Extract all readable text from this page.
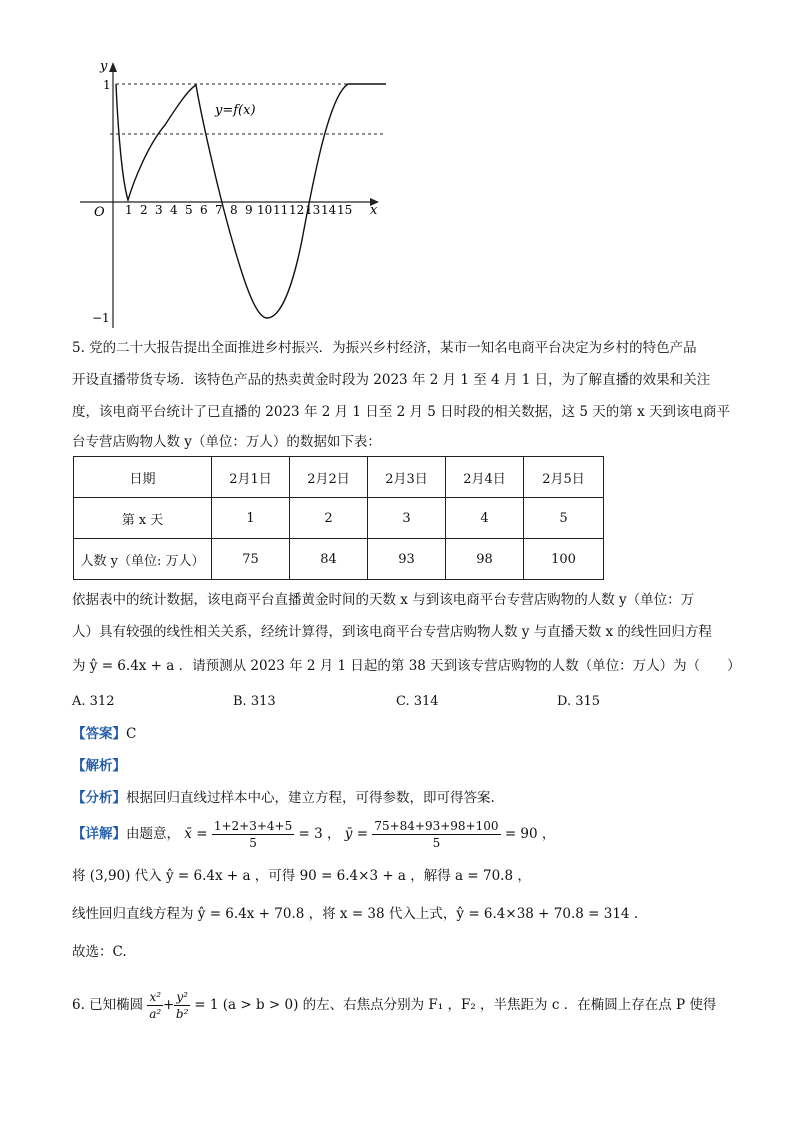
y
x
O
1
−1
y=f(x)
1 2 3 4 5 6 7 8 9 10 11 12 13 14 15
5. 党的二十大报告提出全面推进乡村振兴．为振兴乡村经济，某市一知名电商平台决定为乡村的特色产品
开设直播带货专场．该特色产品的热卖黄金时段为 2023 年 2 月 1 至 4 月 1 日，为了解直播的效果和关注
度，该电商平台统计了已直播的 2023 年 2 月 1 日至 2 月 5 日时段的相关数据，这 5 天的第 x 天到该电商平
台专营店购物人数 y（单位：万人）的数据如下表：
日期	2月1日	2月2日	2月3日	2月4日	2月5日
第 x 天	1	2	3	4	5
人数 y（单位: 万人）	75	84	93	98	100
依据表中的统计数据，该电商平台直播黄金时间的天数 x 与到该电商平台专营店购物的人数 y（单位：万
人）具有较强的线性相关关系，经统计算得，到该电商平台专营店购物人数 y 与直播天数 x 的线性回归方程
为 ŷ = 6.4x + a ．请预测从 2023 年 2 月 1 日起的第 38 天到该专营店购物的人数（单位：万人）为（　　）
A. 312	B. 313	C. 314	D. 315
【答案】C
【解析】
【分析】根据回归直线过样本中心，建立方程，可得参数，即可得答案.
【详解】由题意， x̄ = $\frac{1+2+3+4+5}{5} = 3$ ， ȳ = $\frac{75+84+93+98+100}{5} = 90$ ，
将 (3,90) 代入 ŷ = 6.4x + a ，可得 90 = 6.4×3 + a ，解得 a = 70.8 ，
线性回归直线方程为 ŷ = 6.4x + 70.8 ，将 x = 38 代入上式，ŷ = 6.4×38 + 70.8 = 314 .
故选：C.
6. 已知椭圆 $\frac{\text{x²}}{\text{a²}} + \frac{\text{y²}}{\text{b²}} = 1$ (a > b > 0) 的左、右焦点分别为 F₁ ，F₂ ，半焦距为 c ．在椭圆上存在点 P 使得
